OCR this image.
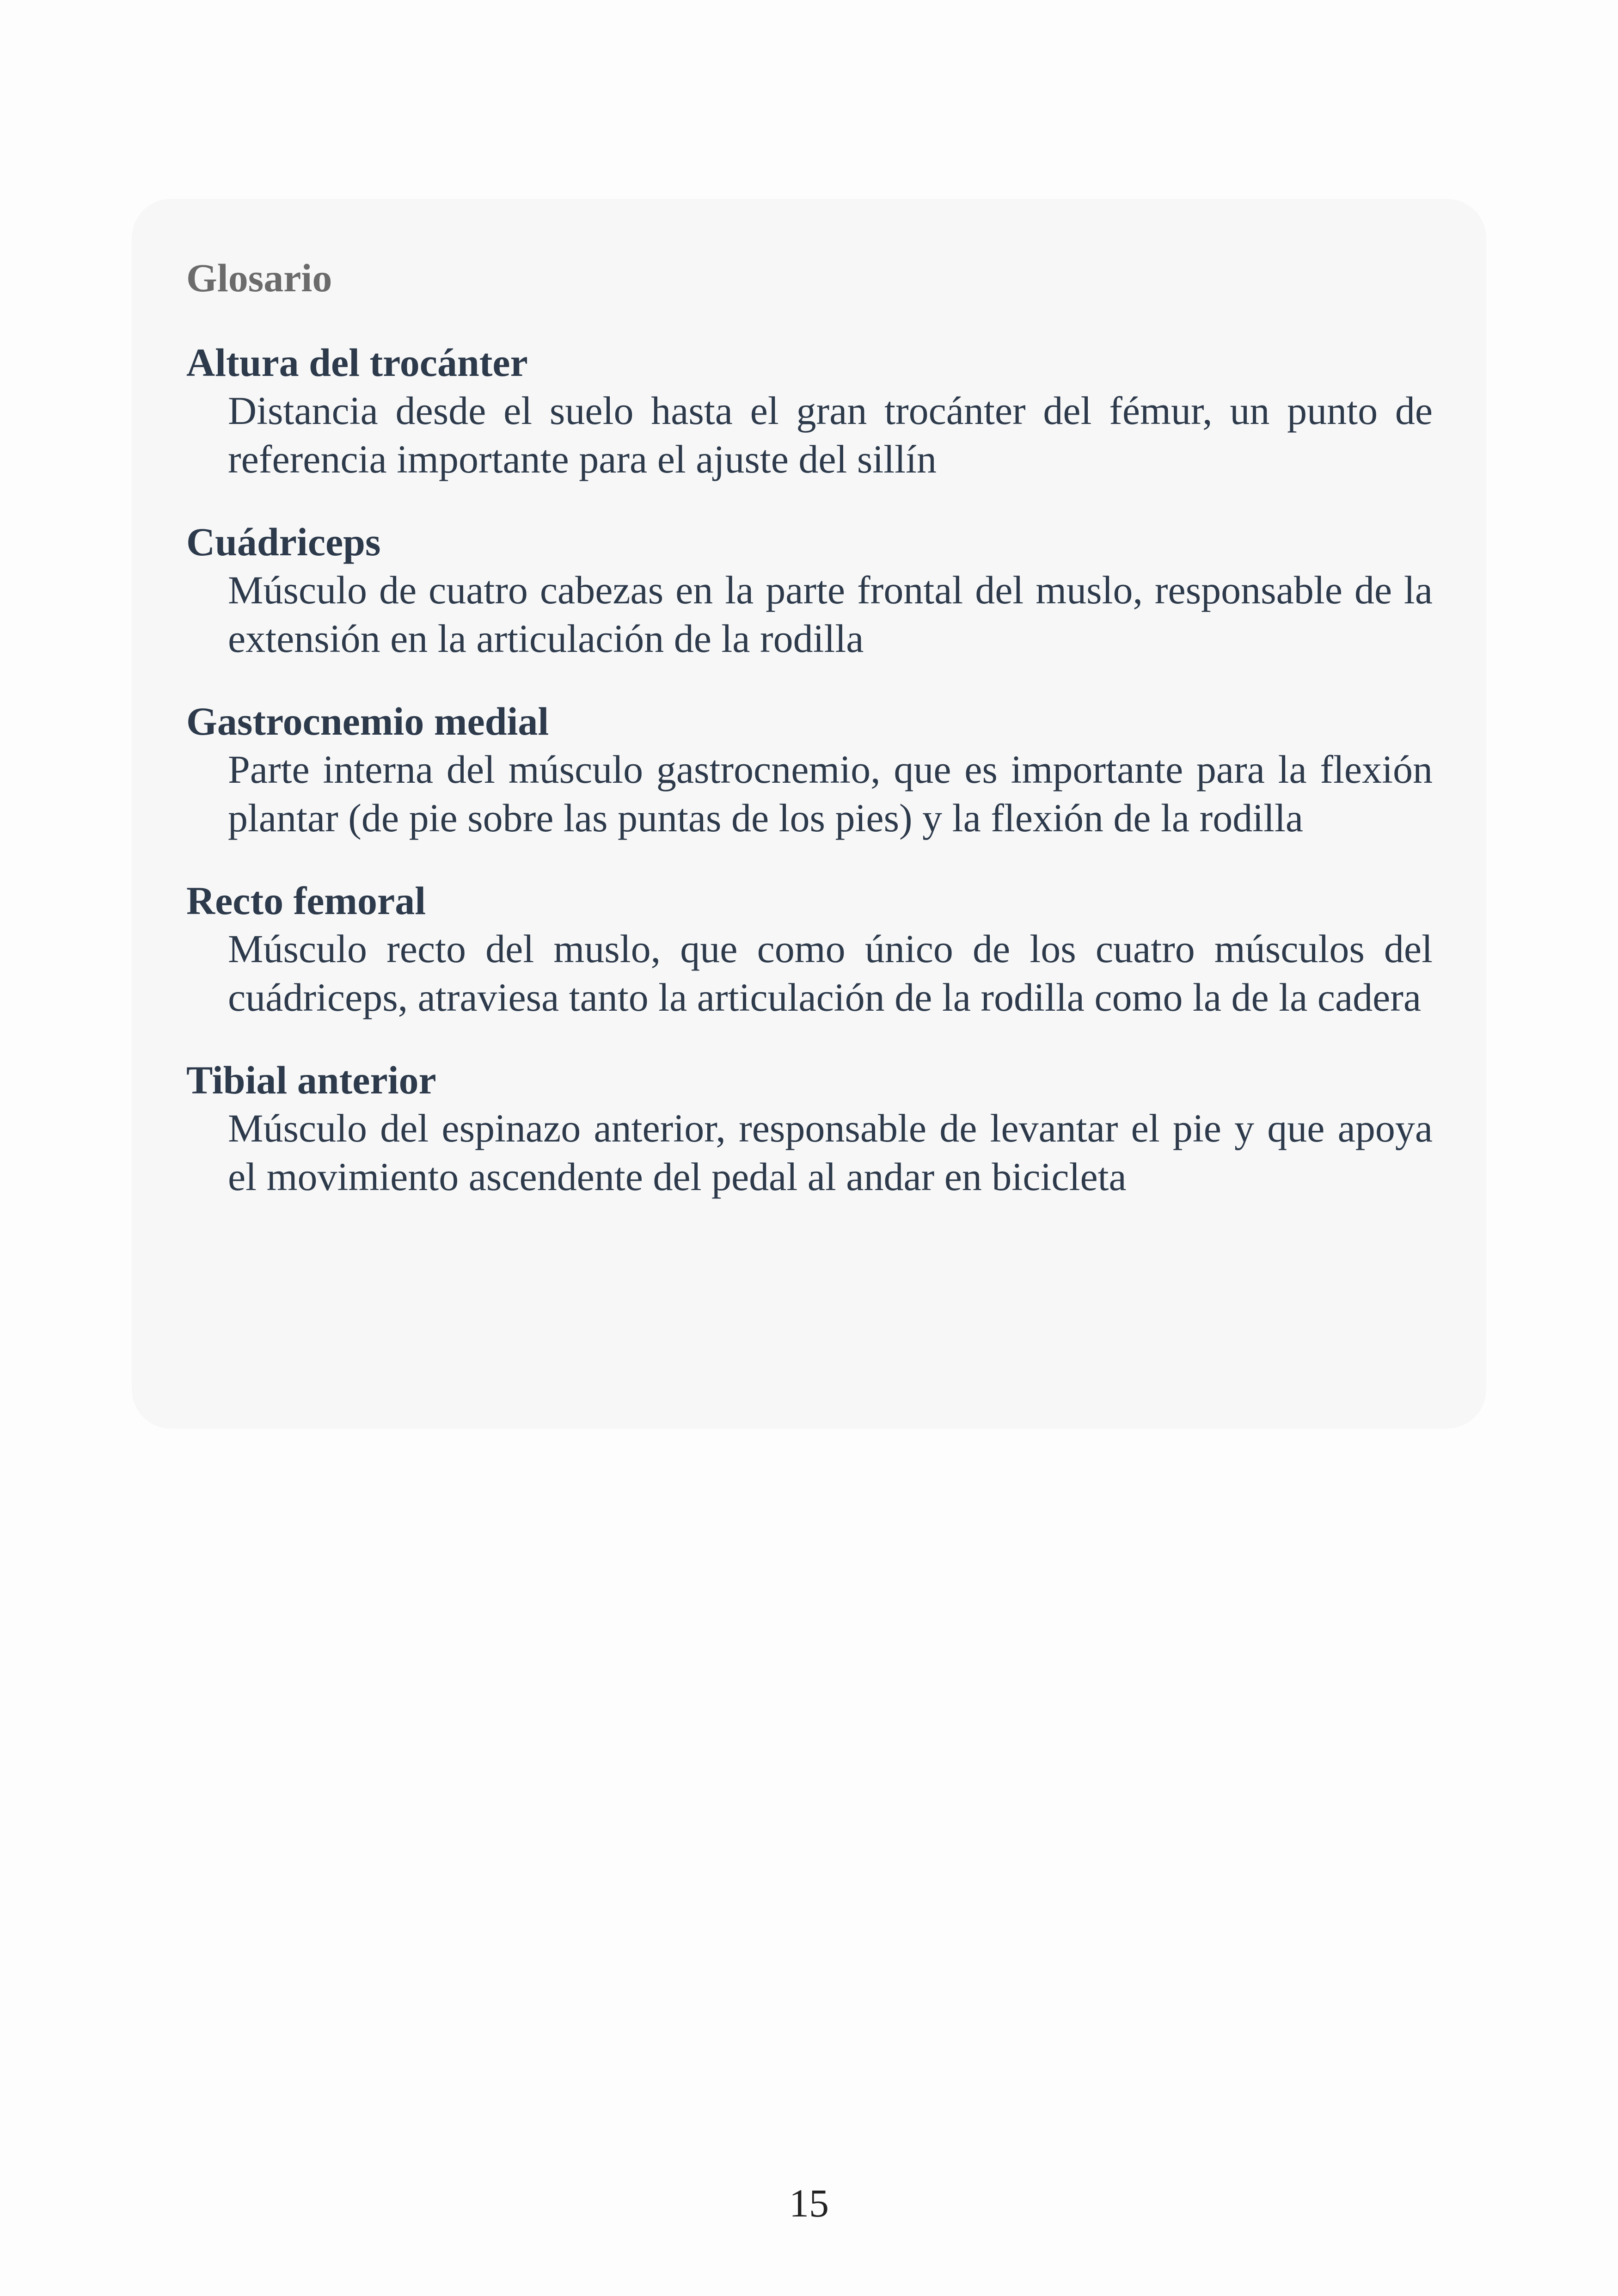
Glosario

Altura del trocánter

Distancia desde el suelo hasta el gran trocánter del fémur, un punto de referencia importante para el ajuste del sillín

Cuádriceps

Músculo de cuatro cabezas en la parte frontal del muslo, responsable de la extensión en la articulación de la rodilla

Gastrocnemio medial

Parte interna del músculo gastrocnemio, que es importante para la flexión plantar (de pie sobre las puntas de los pies) y la flexión de la rodilla

Recto femoral

Músculo recto del muslo, que como único de los cuatro músculos del cuádriceps, atraviesa tanto la articulación de la rodilla como la de la cadera

Tibial anterior

Músculo del espinazo anterior, responsable de levantar el pie y que apoya el movimiento ascendente del pedal al andar en bicicleta

15
